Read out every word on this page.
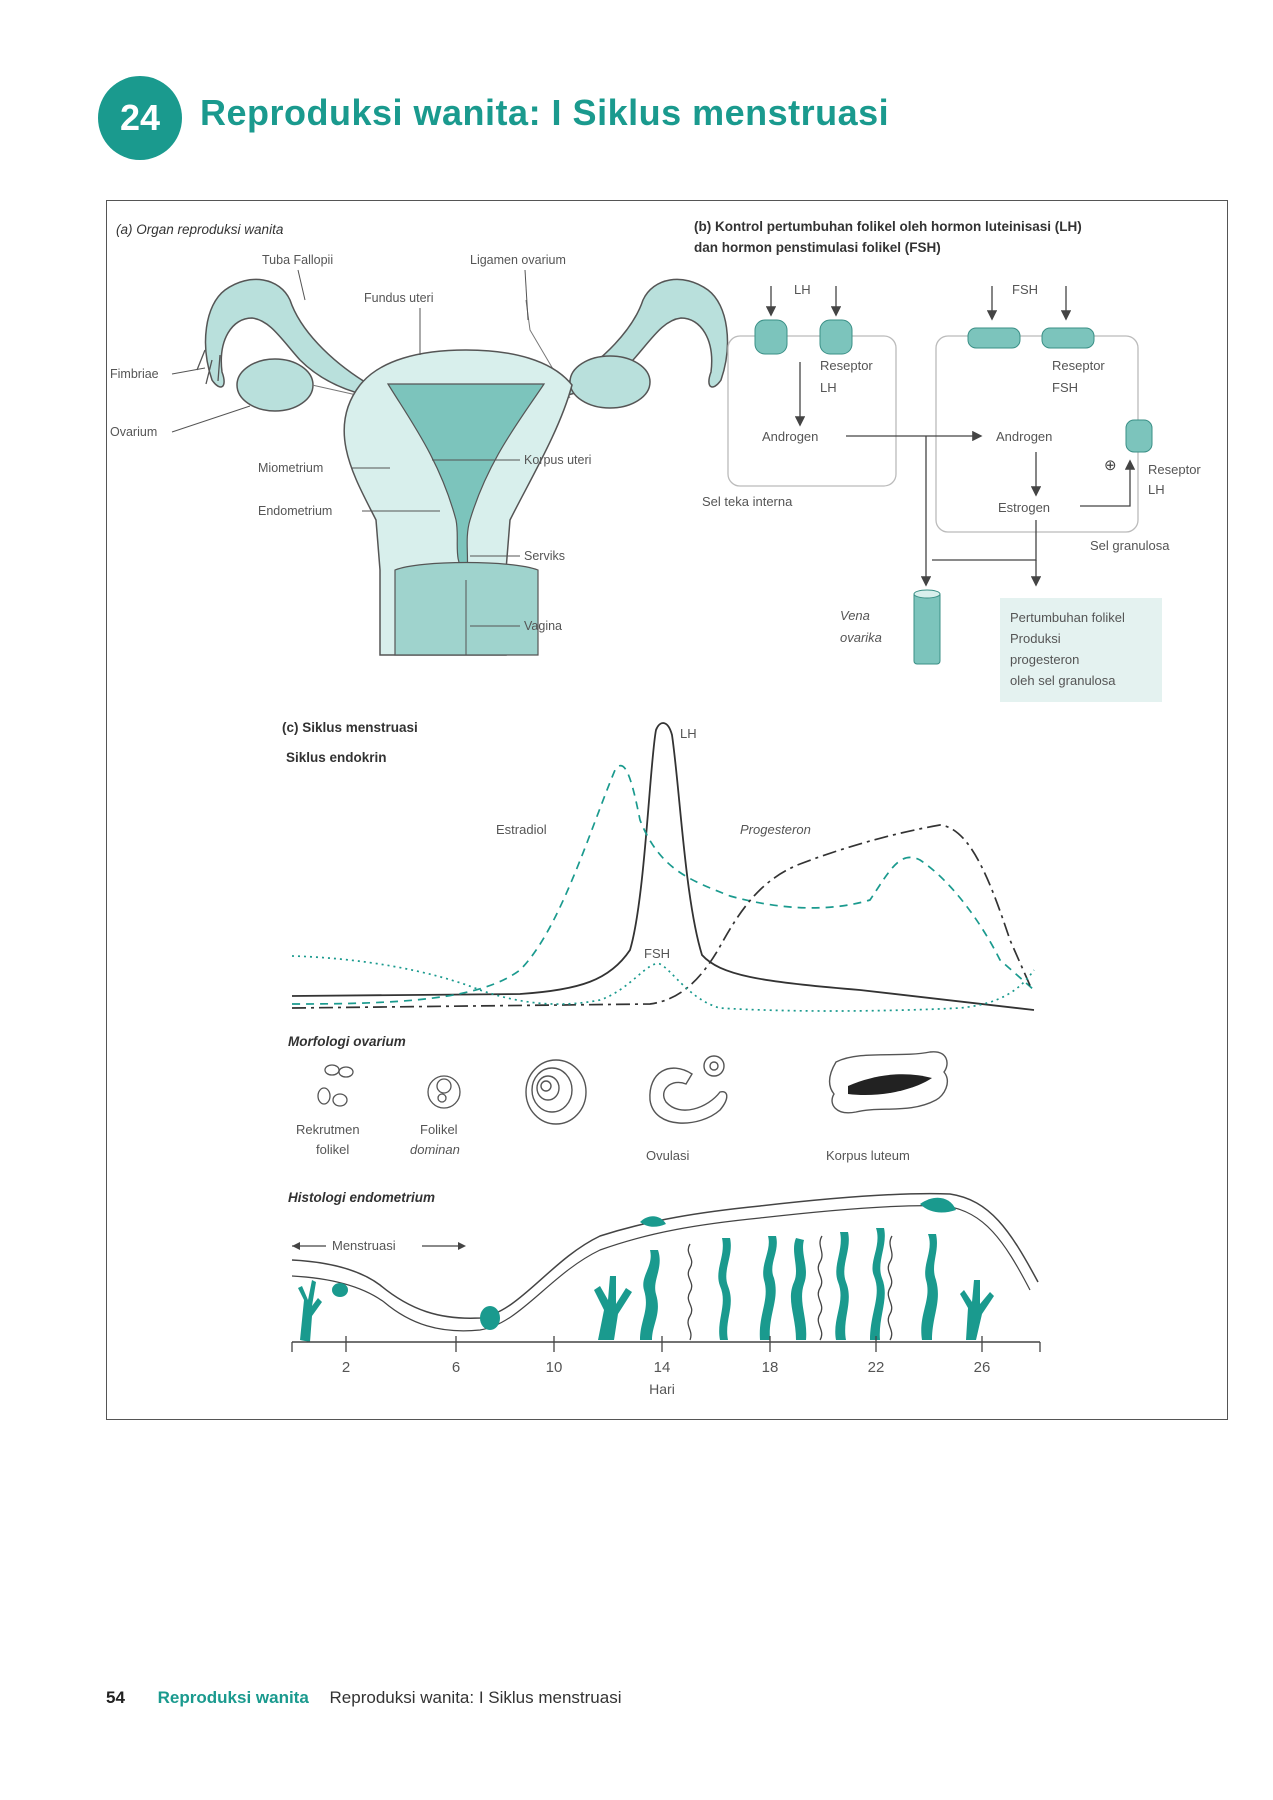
24	Reproduksi wanita: I Siklus menstruasi
(a) Organ reproduksi wanita
Tuba Fallopii	Ligamen ovarium
Fundus uteri
Fimbriae
Ovarium
Miometrium
Korpus uteri
Endometrium
Serviks
Vagina
(b) Kontrol pertumbuhan folikel oleh hormon luteinisasi (LH)
dan hormon penstimulasi folikel (FSH)
LH	FSH
Reseptor
LH
Reseptor
FSH
Androgen	Androgen
Estrogen
⊕ Reseptor
LH
Sel teka interna
Sel granulosa
Vena
ovarika
Pertumbuhan folikel
Produksi
progesteron
oleh sel granulosa
(c) Siklus menstruasi
Siklus endokrin
LH
Estradiol	Progesteron
FSH
Morfologi ovarium
Rekrutmen
folikel
Folikel
dominan	Ovulasi	Korpus luteum
Histologi endometrium
Menstruasi
2	6	10	14	18	22	26
Hari
54 Reproduksi wanita Reproduksi wanita: I Siklus menstruasi
